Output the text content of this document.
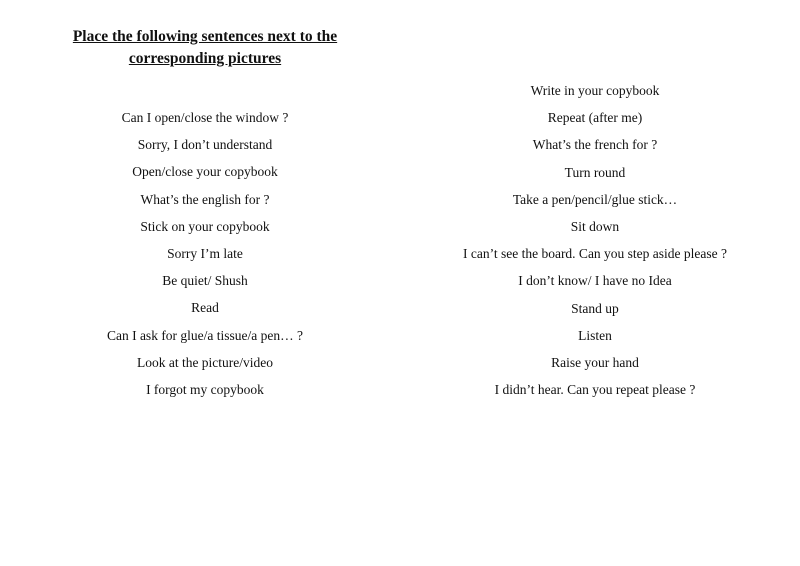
Place the following sentences next to the corresponding pictures
Can I open/close the window ?
Sorry, I don’t understand
Open/close your copybook
What’s the english for ?
Stick on your copybook
Sorry I’m late
Be quiet/ Shush
Read
Can I ask for glue/a tissue/a pen… ?
Look at the picture/video
I forgot my copybook
Write in your copybook
Repeat (after me)
What’s the french for ?
Turn round
Take a pen/pencil/glue stick…
Sit down
I can’t see the board. Can you step aside please ?
I don’t know/ I have no Idea
Stand up
Listen
Raise your hand
I didn’t hear. Can you repeat please ?
